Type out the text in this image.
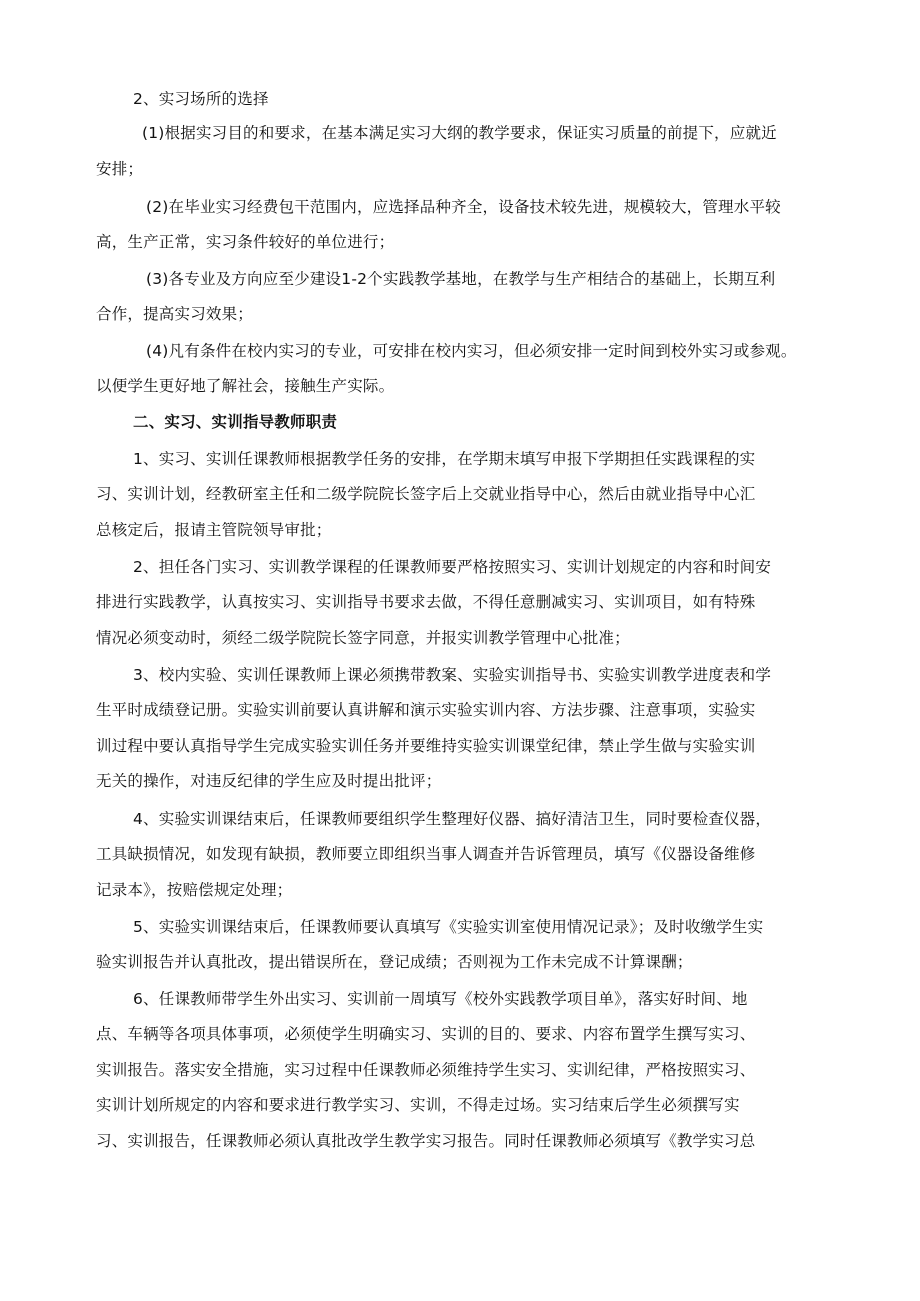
2、实习场所的选择
(1)根据实习目的和要求，在基本满足实习大纲的教学要求，保证实习质量的前提下，应就近
安排；
(2)在毕业实习经费包干范围内，应选择品种齐全，设备技术较先进，规模较大，管理水平较
高，生产正常，实习条件较好的单位进行；
(3)各专业及方向应至少建设1-2个实践教学基地，在教学与生产相结合的基础上，长期互利
合作，提高实习效果；
(4)凡有条件在校内实习的专业，可安排在校内实习，但必须安排一定时间到校外实习或参观。
以便学生更好地了解社会，接触生产实际。
二、实习、实训指导教师职责
1、实习、实训任课教师根据教学任务的安排，在学期末填写申报下学期担任实践课程的实
习、实训计划，经教研室主任和二级学院院长签字后上交就业指导中心，然后由就业指导中心汇
总核定后，报请主管院领导审批；
2、担任各门实习、实训教学课程的任课教师要严格按照实习、实训计划规定的内容和时间安
排进行实践教学，认真按实习、实训指导书要求去做，不得任意删减实习、实训项目，如有特殊
情况必须变动时，须经二级学院院长签字同意，并报实训教学管理中心批准；
3、校内实验、实训任课教师上课必须携带教案、实验实训指导书、实验实训教学进度表和学
生平时成绩登记册。实验实训前要认真讲解和演示实验实训内容、方法步骤、注意事项，实验实
训过程中要认真指导学生完成实验实训任务并要维持实验实训课堂纪律，禁止学生做与实验实训
无关的操作，对违反纪律的学生应及时提出批评；
4、实验实训课结束后，任课教师要组织学生整理好仪器、搞好清洁卫生，同时要检查仪器，
工具缺损情况，如发现有缺损，教师要立即组织当事人调查并告诉管理员，填写《仪器设备维修
记录本》，按赔偿规定处理；
5、实验实训课结束后，任课教师要认真填写《实验实训室使用情况记录》；及时收缴学生实
验实训报告并认真批改，提出错误所在，登记成绩；否则视为工作未完成不计算课酬；
6、任课教师带学生外出实习、实训前一周填写《校外实践教学项目单》，落实好时间、地
点、车辆等各项具体事项，必须使学生明确实习、实训的目的、要求、内容布置学生撰写实习、
实训报告。落实安全措施，实习过程中任课教师必须维持学生实习、实训纪律，严格按照实习、
实训计划所规定的内容和要求进行教学实习、实训，不得走过场。实习结束后学生必须撰写实
习、实训报告，任课教师必须认真批改学生教学实习报告。同时任课教师必须填写《教学实习总
